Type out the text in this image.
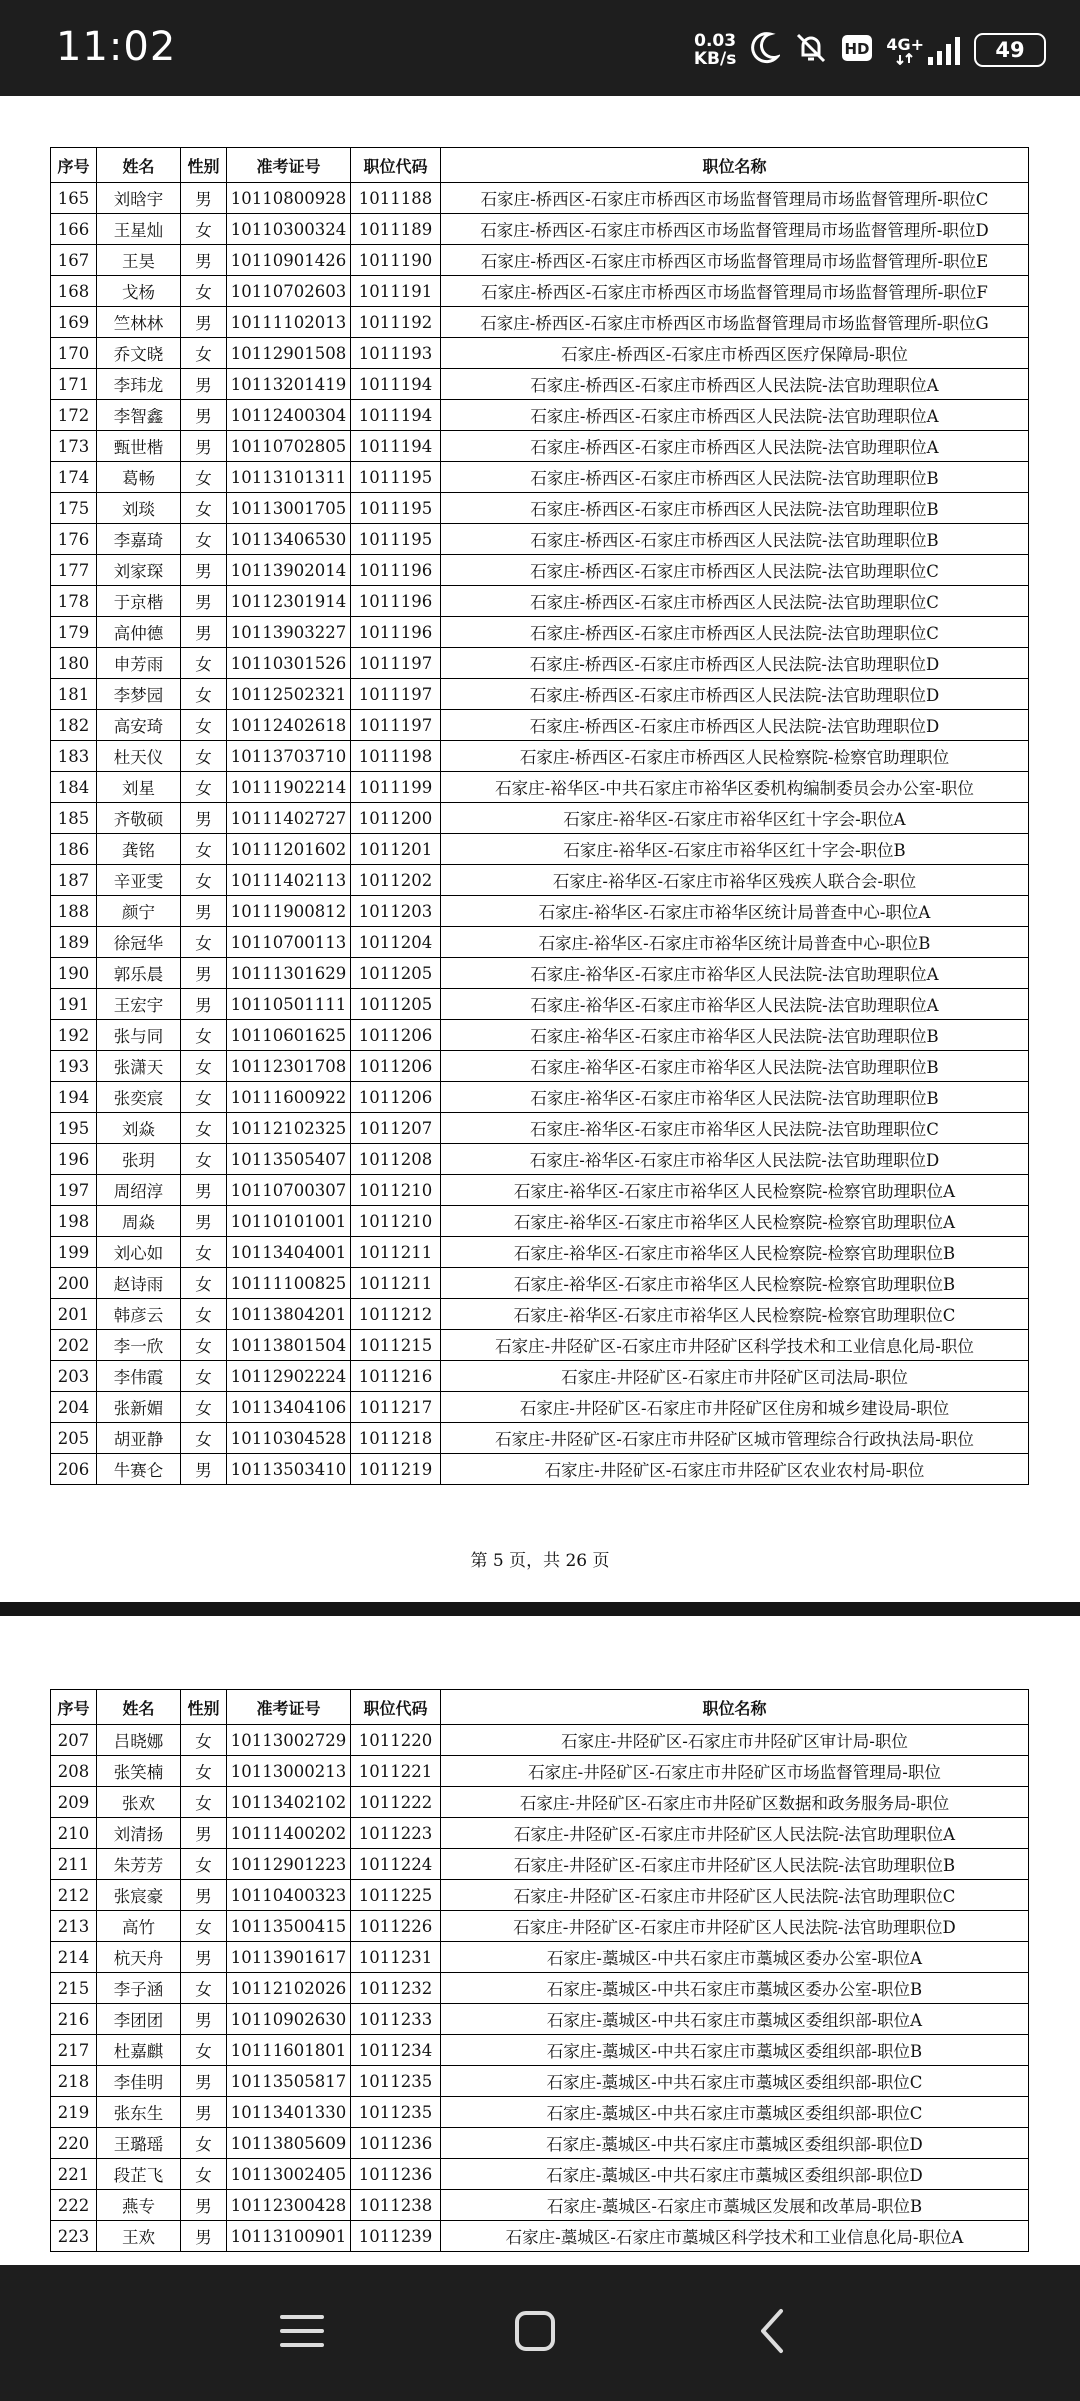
11:02	0.03
KB/s	HD 4G+	49
序号	姓名	性别	准考证号	职位代码	职位名称
165	刘晗宇	男	10110800928	1011188	石家庄-桥西区-石家庄市桥西区市场监督管理局市场监督管理所-职位C
166	王星灿	女	10110300324	1011189	石家庄-桥西区-石家庄市桥西区市场监督管理局市场监督管理所-职位D
167	王昊	男	10110901426	1011190	石家庄-桥西区-石家庄市桥西区市场监督管理局市场监督管理所-职位E
168	戈杨	女	10110702603	1011191	石家庄-桥西区-石家庄市桥西区市场监督管理局市场监督管理所-职位F
169	竺林林	男	10111102013	1011192	石家庄-桥西区-石家庄市桥西区市场监督管理局市场监督管理所-职位G
170	乔文晓	女	10112901508	1011193	石家庄-桥西区-石家庄市桥西区医疗保障局-职位
171	李玮龙	男	10113201419	1011194	石家庄-桥西区-石家庄市桥西区人民法院-法官助理职位A
172	李智鑫	男	10112400304	1011194	石家庄-桥西区-石家庄市桥西区人民法院-法官助理职位A
173	甄世楷	男	10110702805	1011194	石家庄-桥西区-石家庄市桥西区人民法院-法官助理职位A
174	葛畅	女	10113101311	1011195	石家庄-桥西区-石家庄市桥西区人民法院-法官助理职位B
175	刘琰	女	10113001705	1011195	石家庄-桥西区-石家庄市桥西区人民法院-法官助理职位B
176	李嘉琦	女	10113406530	1011195	石家庄-桥西区-石家庄市桥西区人民法院-法官助理职位B
177	刘家琛	男	10113902014	1011196	石家庄-桥西区-石家庄市桥西区人民法院-法官助理职位C
178	于京楷	男	10112301914	1011196	石家庄-桥西区-石家庄市桥西区人民法院-法官助理职位C
179	高仲德	男	10113903227	1011196	石家庄-桥西区-石家庄市桥西区人民法院-法官助理职位C
180	申芳雨	女	10110301526	1011197	石家庄-桥西区-石家庄市桥西区人民法院-法官助理职位D
181	李梦园	女	10112502321	1011197	石家庄-桥西区-石家庄市桥西区人民法院-法官助理职位D
182	高安琦	女	10112402618	1011197	石家庄-桥西区-石家庄市桥西区人民法院-法官助理职位D
183	杜天仪	女	10113703710	1011198	石家庄-桥西区-石家庄市桥西区人民检察院-检察官助理职位
184	刘星	女	10111902214	1011199	石家庄-裕华区-中共石家庄市裕华区委机构编制委员会办公室-职位
185	齐敬硕	男	10111402727	1011200	石家庄-裕华区-石家庄市裕华区红十字会-职位A
186	龚铭	女	10111201602	1011201	石家庄-裕华区-石家庄市裕华区红十字会-职位B
187	辛亚雯	女	10111402113	1011202	石家庄-裕华区-石家庄市裕华区残疾人联合会-职位
188	颜宁	男	10111900812	1011203	石家庄-裕华区-石家庄市裕华区统计局普查中心-职位A
189	徐冠华	女	10110700113	1011204	石家庄-裕华区-石家庄市裕华区统计局普查中心-职位B
190	郭乐晨	男	10111301629	1011205	石家庄-裕华区-石家庄市裕华区人民法院-法官助理职位A
191	王宏宇	男	10110501111	1011205	石家庄-裕华区-石家庄市裕华区人民法院-法官助理职位A
192	张与同	女	10110601625	1011206	石家庄-裕华区-石家庄市裕华区人民法院-法官助理职位B
193	张潇天	女	10112301708	1011206	石家庄-裕华区-石家庄市裕华区人民法院-法官助理职位B
194	张奕宸	女	10111600922	1011206	石家庄-裕华区-石家庄市裕华区人民法院-法官助理职位B
195	刘焱	女	10112102325	1011207	石家庄-裕华区-石家庄市裕华区人民法院-法官助理职位C
196	张玥	女	10113505407	1011208	石家庄-裕华区-石家庄市裕华区人民法院-法官助理职位D
197	周绍淳	男	10110700307	1011210	石家庄-裕华区-石家庄市裕华区人民检察院-检察官助理职位A
198	周焱	男	10110101001	1011210	石家庄-裕华区-石家庄市裕华区人民检察院-检察官助理职位A
199	刘心如	女	10113404001	1011211	石家庄-裕华区-石家庄市裕华区人民检察院-检察官助理职位B
200	赵诗雨	女	10111100825	1011211	石家庄-裕华区-石家庄市裕华区人民检察院-检察官助理职位B
201	韩彦云	女	10113804201	1011212	石家庄-裕华区-石家庄市裕华区人民检察院-检察官助理职位C
202	李一欣	女	10113801504	1011215	石家庄-井陉矿区-石家庄市井陉矿区科学技术和工业信息化局-职位
203	李伟霞	女	10112902224	1011216	石家庄-井陉矿区-石家庄市井陉矿区司法局-职位
204	张新媚	女	10113404106	1011217	石家庄-井陉矿区-石家庄市井陉矿区住房和城乡建设局-职位
205	胡亚静	女	10110304528	1011218	石家庄-井陉矿区-石家庄市井陉矿区城市管理综合行政执法局-职位
206	牛赛仑	男	10113503410	1011219	石家庄-井陉矿区-石家庄市井陉矿区农业农村局-职位
第 5 页，共 26 页
序号	姓名	性别	准考证号	职位代码	职位名称
207	吕晓娜	女	10113002729	1011220	石家庄-井陉矿区-石家庄市井陉矿区审计局-职位
208	张笑楠	女	10113000213	1011221	石家庄-井陉矿区-石家庄市井陉矿区市场监督管理局-职位
209	张欢	女	10113402102	1011222	石家庄-井陉矿区-石家庄市井陉矿区数据和政务服务局-职位
210	刘清扬	男	10111400202	1011223	石家庄-井陉矿区-石家庄市井陉矿区人民法院-法官助理职位A
211	朱芳芳	女	10112901223	1011224	石家庄-井陉矿区-石家庄市井陉矿区人民法院-法官助理职位B
212	张宸豪	男	10110400323	1011225	石家庄-井陉矿区-石家庄市井陉矿区人民法院-法官助理职位C
213	高竹	女	10113500415	1011226	石家庄-井陉矿区-石家庄市井陉矿区人民法院-法官助理职位D
214	杭天舟	男	10113901617	1011231	石家庄-藁城区-中共石家庄市藁城区委办公室-职位A
215	李子涵	女	10112102026	1011232	石家庄-藁城区-中共石家庄市藁城区委办公室-职位B
216	李团团	男	10110902630	1011233	石家庄-藁城区-中共石家庄市藁城区委组织部-职位A
217	杜嘉麒	女	10111601801	1011234	石家庄-藁城区-中共石家庄市藁城区委组织部-职位B
218	李佳明	男	10113505817	1011235	石家庄-藁城区-中共石家庄市藁城区委组织部-职位C
219	张东生	男	10113401330	1011235	石家庄-藁城区-中共石家庄市藁城区委组织部-职位C
220	王璐瑶	女	10113805609	1011236	石家庄-藁城区-中共石家庄市藁城区委组织部-职位D
221	段芷飞	女	10113002405	1011236	石家庄-藁城区-中共石家庄市藁城区委组织部-职位D
222	燕专	男	10112300428	1011238	石家庄-藁城区-石家庄市藁城区发展和改革局-职位B
223	王欢	男	10113100901	1011239	石家庄-藁城区-石家庄市藁城区科学技术和工业信息化局-职位A
